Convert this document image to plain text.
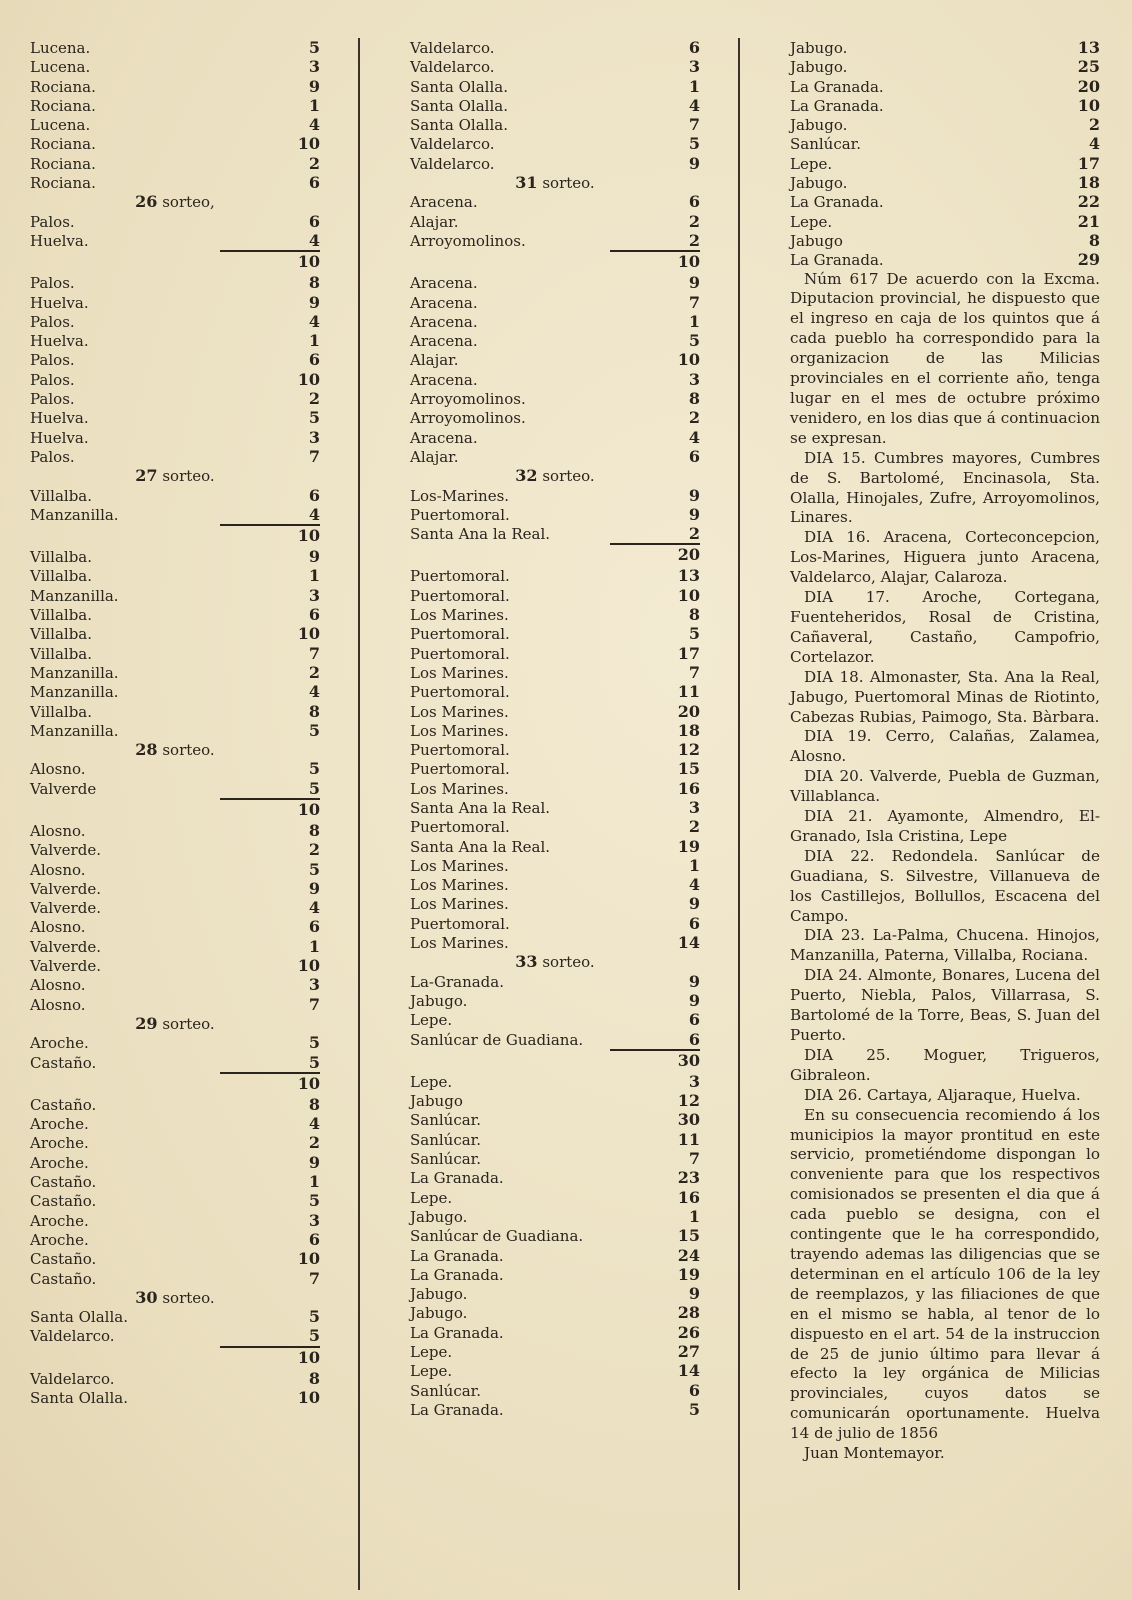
Lucena.	5
Lucena.	3
Rociana.	9
Rociana.	1
Lucena.	4
Rociana.	10
Rociana.	2
Rociana.	6
26 sorteo,
Palos.	6
Huelva.	4
10
Palos.	8
Huelva.	9
Palos.	4
Huelva.	1
Palos.	6
Palos.	10
Palos.	2
Huelva.	5
Huelva.	3
Palos.	7
27 sorteo.
Villalba.	6
Manzanilla.	4
10
Villalba.	9
Villalba.	1
Manzanilla.	3
Villalba.	6
Villalba.	10
Villalba.	7
Manzanilla.	2
Manzanilla.	4
Villalba.	8
Manzanilla.	5
28 sorteo.
Alosno.	5
Valverde	5
10
Alosno.	8
Valverde.	2
Alosno.	5
Valverde.	9
Valverde.	4
Alosno.	6
Valverde.	1
Valverde.	10
Alosno.	3
Alosno.	7
29 sorteo.
Aroche.	5
Castaño.	5
10
Castaño.	8
Aroche.	4
Aroche.	2
Aroche.	9
Castaño.	1
Castaño.	5
Aroche.	3
Aroche.	6
Castaño.	10
Castaño.	7
30 sorteo.
Santa Olalla.	5
Valdelarco.	5
10
Valdelarco.	8
Santa Olalla.	10
Valdelarco.	6
Valdelarco.	3
Santa Olalla.	1
Santa Olalla.	4
Santa Olalla.	7
Valdelarco.	5
Valdelarco.	9
31 sorteo.
Aracena.	6
Alajar.	2
Arroyomolinos.	2
10
Aracena.	9
Aracena.	7
Aracena.	1
Aracena.	5
Alajar.	10
Aracena.	3
Arroyomolinos.	8
Arroyomolinos.	2
Aracena.	4
Alajar.	6
32 sorteo.
Los-Marines.	9
Puertomoral.	9
Santa Ana la Real.	2
20
Puertomoral.	13
Puertomoral.	10
Los Marines.	8
Puertomoral.	5
Puertomoral.	17
Los Marines.	7
Puertomoral.	11
Los Marines.	20
Los Marines.	18
Puertomoral.	12
Puertomoral.	15
Los Marines.	16
Santa Ana la Real.	3
Puertomoral.	2
Santa Ana la Real.	19
Los Marines.	1
Los Marines.	4
Los Marines.	9
Puertomoral.	6
Los Marines.	14
33 sorteo.
La-Granada.	9
Jabugo.	9
Lepe.	6
Sanlúcar de Guadiana.	6
30
Lepe.	3
Jabugo	12
Sanlúcar.	30
Sanlúcar.	11
Sanlúcar.	7
La Granada.	23
Lepe.	16
Jabugo.	1
Sanlúcar de Guadiana.	15
La Granada.	24
La Granada.	19
Jabugo.	9
Jabugo.	28
La Granada.	26
Lepe.	27
Lepe.	14
Sanlúcar.	6
La Granada.	5
Jabugo.	13
Jabugo.	25
La Granada.	20
La Granada.	10
Jabugo.	2
Sanlúcar.	4
Lepe.	17
Jabugo.	18
La Granada.	22
Lepe.	21
Jabugo	8
La Granada.	29

Núm 617 De acuerdo con la Excma. Diputacion provincial, he dispuesto que el ingreso en caja de los quintos que á cada pueblo ha correspondido para la organizacion de las Milicias provinciales en el corriente año, tenga lugar en el mes de octubre próximo venidero, en los dias que á continuacion se expresan.

DIA 15. Cumbres mayores, Cumbres de S. Bartolomé, Encinasola, Sta. Olalla, Hinojales, Zufre, Arroyomolinos, Linares.

DIA 16. Aracena, Corteconcepcion, Los-Marines, Higuera junto Aracena, Valdelarco, Alajar, Calaroza.

DIA 17. Aroche, Cortegana, Fuenteheridos, Rosal de Cristina, Cañaveral, Castaño, Campofrio, Cortelazor.

DIA 18. Almonaster, Sta. Ana la Real, Jabugo, Puertomoral Minas de Riotinto, Cabezas Rubias, Paimogo, Sta. Bàrbara.

DIA 19. Cerro, Calañas, Zalamea, Alosno.

DIA 20. Valverde, Puebla de Guzman, Villablanca.

DIA 21. Ayamonte, Almendro, El-Granado, Isla Cristina, Lepe

DIA 22. Redondela. Sanlúcar de Guadiana, S. Silvestre, Villanueva de los Castillejos, Bollullos, Escacena del Campo.

DIA 23. La-Palma, Chucena. Hinojos, Manzanilla, Paterna, Villalba, Rociana.

DIA 24. Almonte, Bonares, Lucena del Puerto, Niebla, Palos, Villarrasa, S. Bartolomé de la Torre, Beas, S. Juan del Puerto.

DIA 25. Moguer, Trigueros, Gibraleon.

DIA 26. Cartaya, Aljaraque, Huelva.

En su consecuencia recomiendo á los municipios la mayor prontitud en este servicio, prometiéndome dispongan lo conveniente para que los respectivos comisionados se presenten el dia que á cada pueblo se designa, con el contingente que le ha correspondido, trayendo ademas las diligencias que se determinan en el artículo 106 de la ley de reemplazos, y las filiaciones de que en el mismo se habla, al tenor de lo dispuesto en el art. 54 de la instruccion de 25 de junio último para llevar á efecto la ley orgánica de Milicias provinciales, cuyos datos se comunicarán oportunamente. Huelva 14 de julio de 1856

Juan Montemayor.
